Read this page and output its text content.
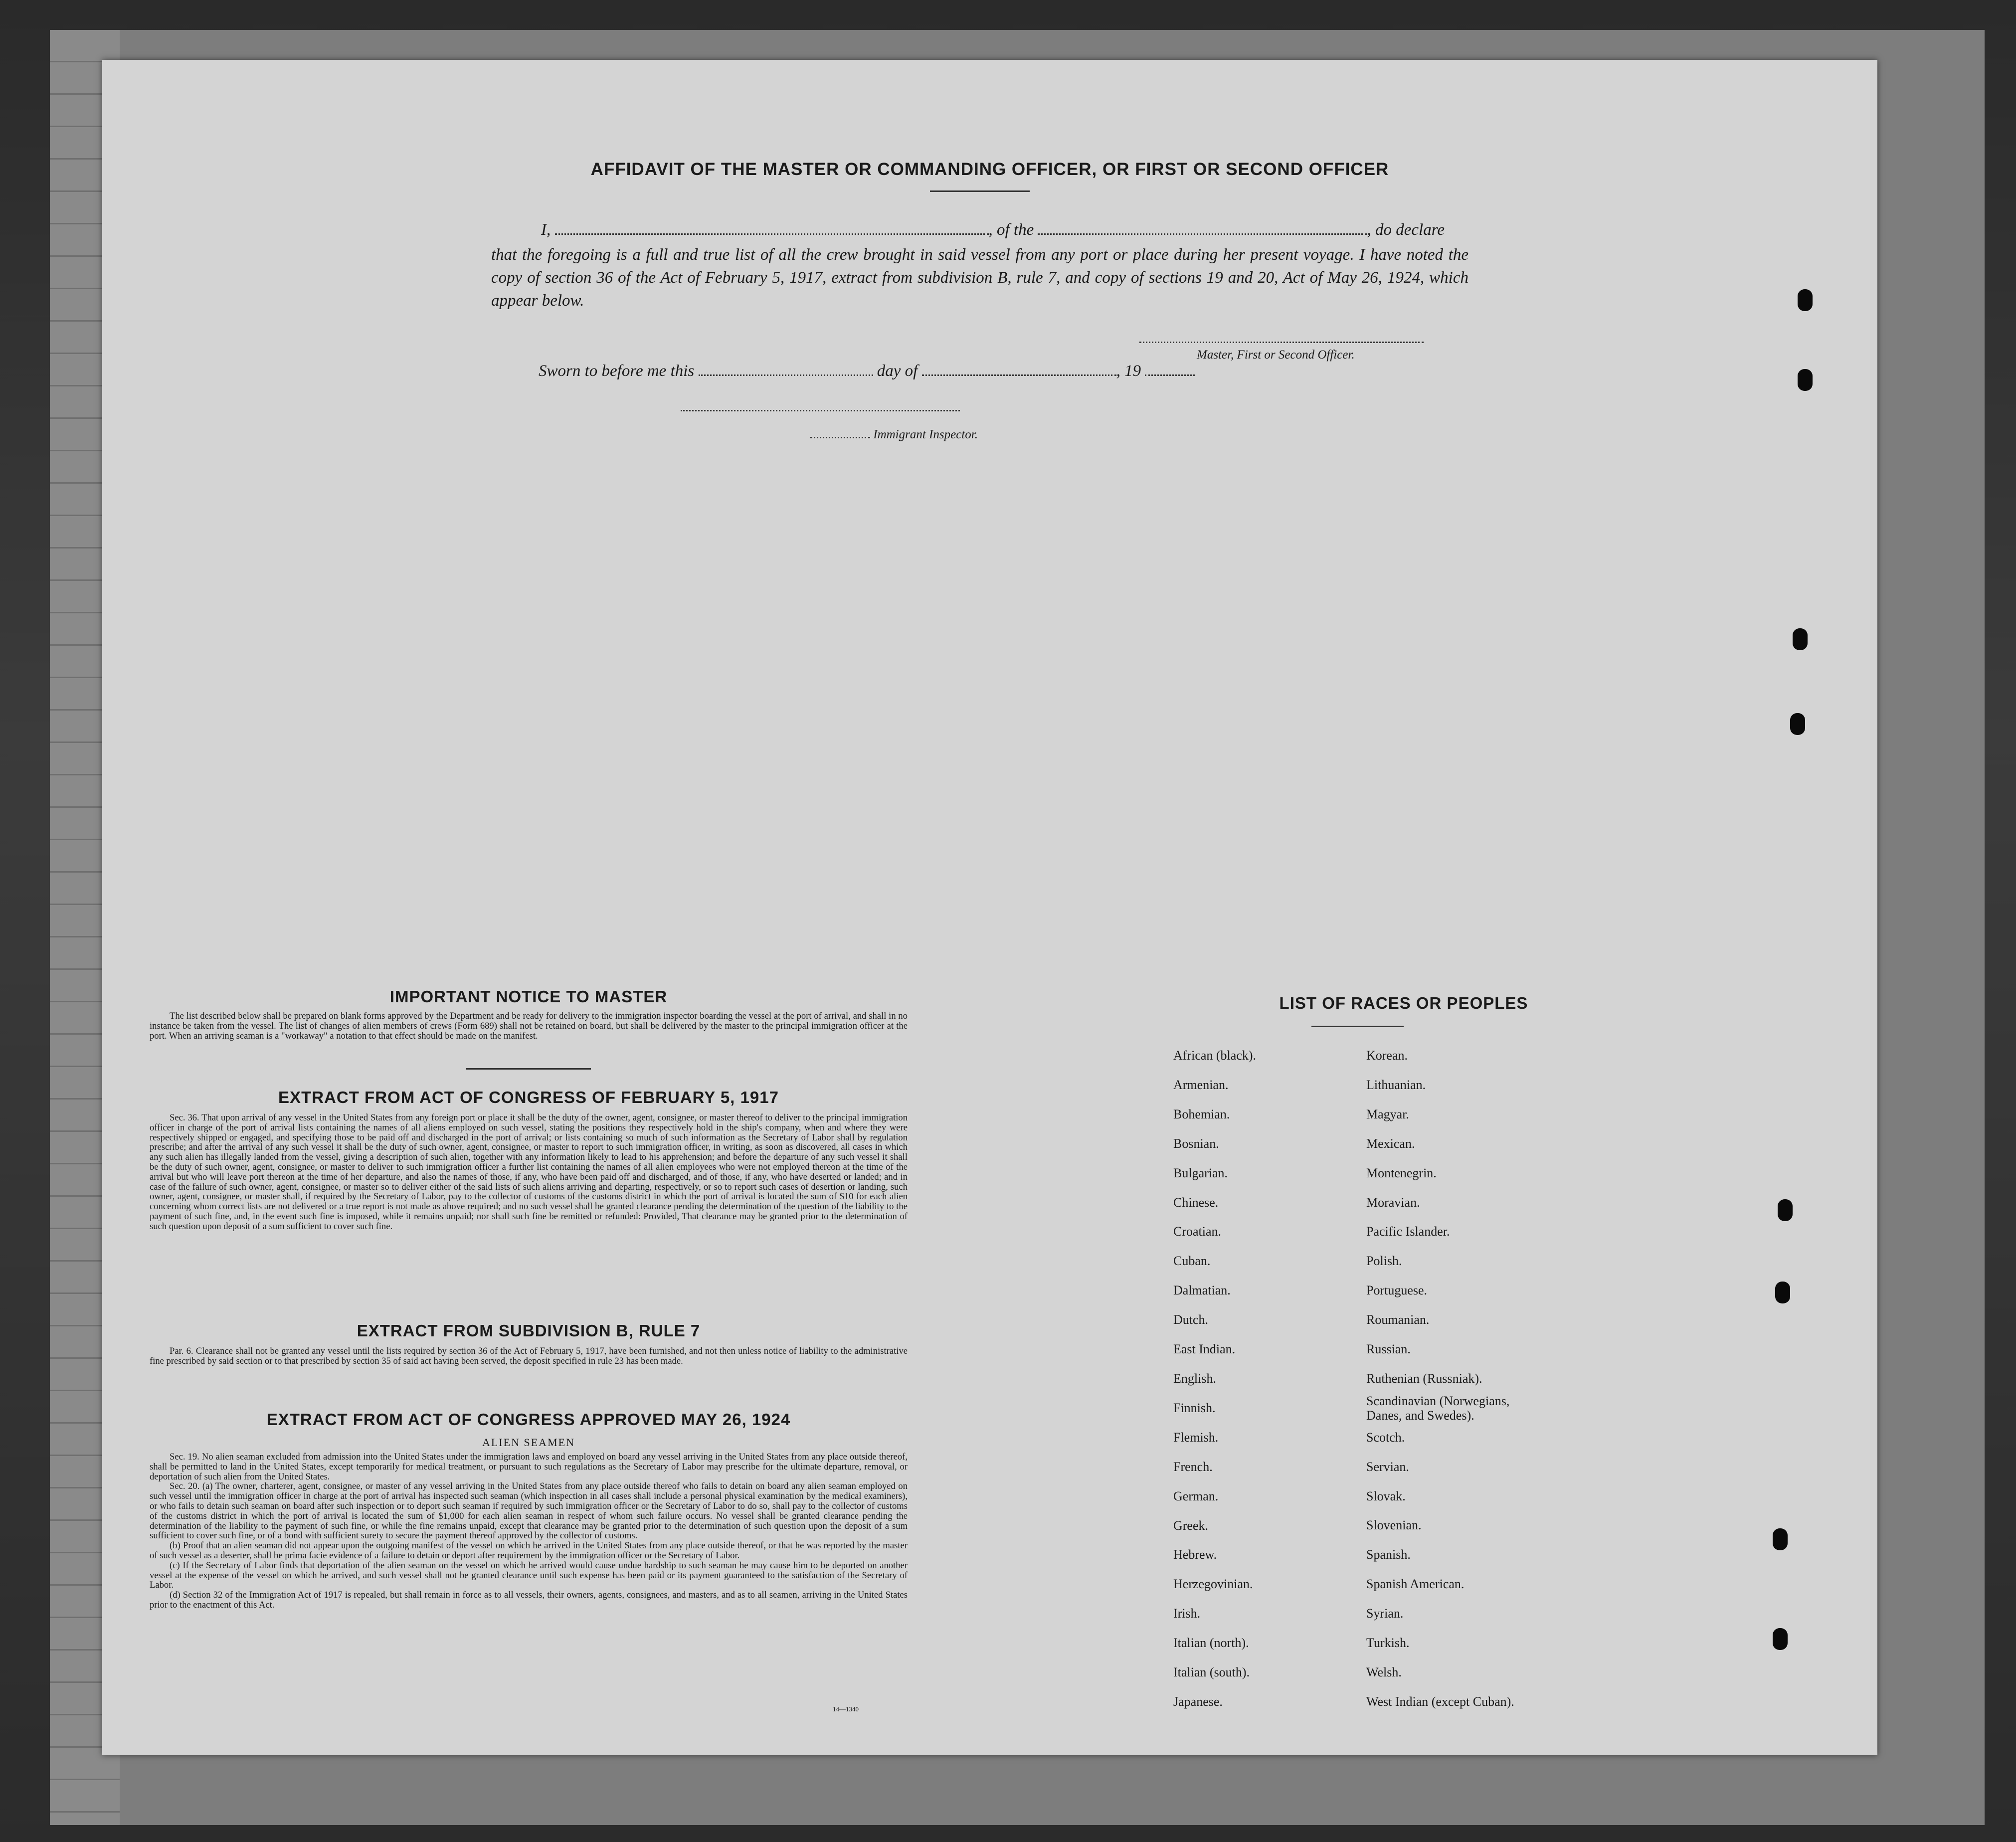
AFFIDAVIT OF THE MASTER OR COMMANDING OFFICER, OR FIRST OR SECOND OFFICER
I,	, of the	, do declare
that the foregoing is a full and true list of all the crew brought in said vessel from any port or place during her present voyage. I have noted the copy of section 36 of the Act of February 5, 1917, extract from subdivision B, rule 7, and copy of sections 19 and 20, Act of May 26, 1924, which appear below.
Master, First or Second Officer.
Sworn to before me this	day of	, 19
Immigrant Inspector.
IMPORTANT NOTICE TO MASTER

The list described below shall be prepared on blank forms approved by the Department and be ready for delivery to the immigration inspector boarding the vessel at the port of arrival, and shall in no instance be taken from the vessel. The list of changes of alien members of crews (Form 689) shall not be retained on board, but shall be delivered by the master to the principal immigration officer at the port. When an arriving seaman is a "workaway" a notation to that effect should be made on the manifest.

EXTRACT FROM ACT OF CONGRESS OF FEBRUARY 5, 1917

Sec. 36. That upon arrival of any vessel in the United States from any foreign port or place it shall be the duty of the owner, agent, consignee, or master thereof to deliver to the principal immigration officer in charge of the port of arrival lists containing the names of all aliens employed on such vessel, stating the positions they respectively hold in the ship's company, when and where they were respectively shipped or engaged, and specifying those to be paid off and discharged in the port of arrival; or lists containing so much of such information as the Secretary of Labor shall by regulation prescribe; and after the arrival of any such vessel it shall be the duty of such owner, agent, consignee, or master to report to such immigration officer, in writing, as soon as discovered, all cases in which any such alien has illegally landed from the vessel, giving a description of such alien, together with any information likely to lead to his apprehension; and before the departure of any such vessel it shall be the duty of such owner, agent, consignee, or master to deliver to such immigration officer a further list containing the names of all alien employees who were not employed thereon at the time of the arrival but who will leave port thereon at the time of her departure, and also the names of those, if any, who have been paid off and discharged, and of those, if any, who have deserted or landed; and in case of the failure of such owner, agent, consignee, or master so to deliver either of the said lists of such aliens arriving and departing, respectively, or so to report such cases of desertion or landing, such owner, agent, consignee, or master shall, if required by the Secretary of Labor, pay to the collector of customs of the customs district in which the port of arrival is located the sum of $10 for each alien concerning whom correct lists are not delivered or a true report is not made as above required; and no such vessel shall be granted clearance pending the determination of the question of the liability to the payment of such fine, and, in the event such fine is imposed, while it remains unpaid; nor shall such fine be remitted or refunded: Provided, That clearance may be granted prior to the determination of such question upon deposit of a sum sufficient to cover such fine.

EXTRACT FROM SUBDIVISION B, RULE 7

Par. 6. Clearance shall not be granted any vessel until the lists required by section 36 of the Act of February 5, 1917, have been furnished, and not then unless notice of liability to the administrative fine prescribed by said section or to that prescribed by section 35 of said act having been served, the deposit specified in rule 23 has been made.

EXTRACT FROM ACT OF CONGRESS APPROVED MAY 26, 1924
ALIEN SEAMEN

Sec. 19. No alien seaman excluded from admission into the United States under the immigration laws and employed on board any vessel arriving in the United States from any place outside thereof, shall be permitted to land in the United States, except temporarily for medical treatment, or pursuant to such regulations as the Secretary of Labor may prescribe for the ultimate departure, removal, or deportation of such alien from the United States.

Sec. 20. (a) The owner, charterer, agent, consignee, or master of any vessel arriving in the United States from any place outside thereof who fails to detain on board any alien seaman employed on such vessel until the immigration officer in charge at the port of arrival has inspected such seaman (which inspection in all cases shall include a personal physical examination by the medical examiners), or who fails to detain such seaman on board after such inspection or to deport such seaman if required by such immigration officer or the Secretary of Labor to do so, shall pay to the collector of customs of the customs district in which the port of arrival is located the sum of $1,000 for each alien seaman in respect of whom such failure occurs. No vessel shall be granted clearance pending the determination of the liability to the payment of such fine, or while the fine remains unpaid, except that clearance may be granted prior to the determination of such question upon the deposit of a sum sufficient to cover such fine, or of a bond with sufficient surety to secure the payment thereof approved by the collector of customs.

(b) Proof that an alien seaman did not appear upon the outgoing manifest of the vessel on which he arrived in the United States from any place outside thereof, or that he was reported by the master of such vessel as a deserter, shall be prima facie evidence of a failure to detain or deport after requirement by the immigration officer or the Secretary of Labor.

(c) If the Secretary of Labor finds that deportation of the alien seaman on the vessel on which he arrived would cause undue hardship to such seaman he may cause him to be deported on another vessel at the expense of the vessel on which he arrived, and such vessel shall not be granted clearance until such expense has been paid or its payment guaranteed to the satisfaction of the Secretary of Labor.

(d) Section 32 of the Immigration Act of 1917 is repealed, but shall remain in force as to all vessels, their owners, agents, consignees, and masters, and as to all seamen, arriving in the United States prior to the enactment of this Act.

14—1340
LIST OF RACES OR PEOPLES
African (black).
Armenian.
Bohemian.
Bosnian.
Bulgarian.
Chinese.
Croatian.
Cuban.
Dalmatian.
Dutch.
East Indian.
English.
Finnish.
Flemish.
French.
German.
Greek.
Hebrew.
Herzegovinian.
Irish.
Italian (north).
Italian (south).
Japanese.
Korean.
Lithuanian.
Magyar.
Mexican.
Montenegrin.
Moravian.
Pacific Islander.
Polish.
Portuguese.
Roumanian.
Russian.
Ruthenian (Russniak).
Scandinavian (Norwegians, Danes, and Swedes).
Scotch.
Servian.
Slovak.
Slovenian.
Spanish.
Spanish American.
Syrian.
Turkish.
Welsh.
West Indian (except Cuban).
